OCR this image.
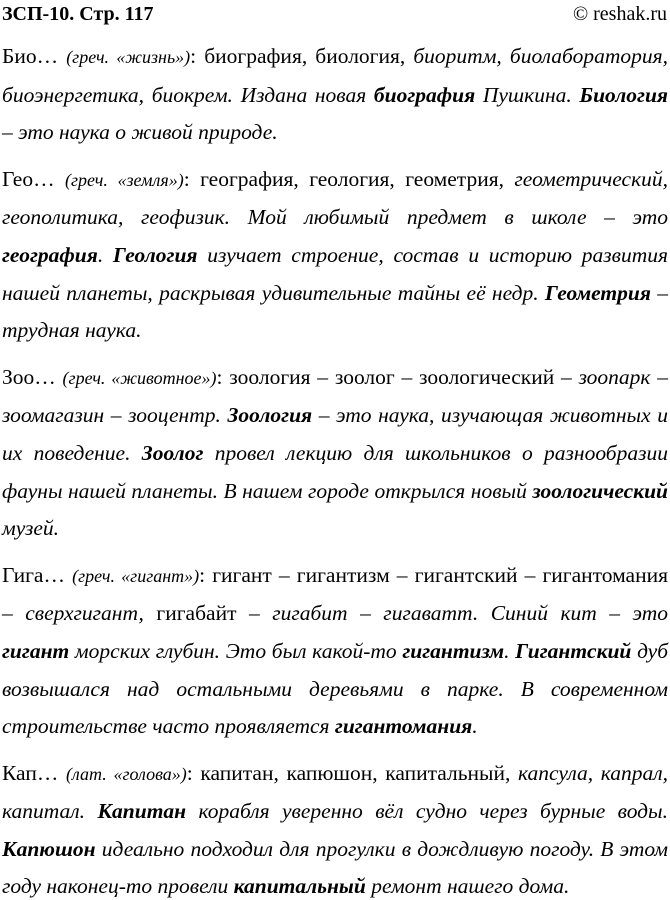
ЗСП-10. Стр. 117	© reshak.ru

Био… (греч. «жизнь»): биография, биология, биоритм, биолаборатория, биоэнергетика, биокрем. Издана новая биография Пушкина. Биология – это наука о живой природе.

Гео… (греч. «земля»): география, геология, геометрия, геометрический, геополитика, геофизик. Мой любимый предмет в школе – это география. Геология изучает строение, состав и историю развития нашей планеты, раскрывая удивительные тайны её недр. Геометрия – трудная наука.

Зоо… (греч. «животное»): зоология – зоолог – зоологический – зоопарк – зоомагазин – зооцентр. Зоология – это наука, изучающая животных и их поведение. Зоолог провел лекцию для школьников о разнообразии фауны нашей планеты. В нашем городе открылся новый зоологический музей.

Гига… (греч. «гигант»): гигант – гигантизм – гигантский – гигантомания – сверхгигант, гигабайт – гигабит – гигаватт. Синий кит – это гигант морских глубин. Это был какой-то гигантизм. Гигантский дуб возвышался над остальными деревьями в парке. В современном строительстве часто проявляется гигантомания.

Кап… (лат. «голова»): капитан, капюшон, капитальный, капсула, капрал, капитал. Капитан корабля уверенно вёл судно через бурные воды. Капюшон идеально подходил для прогулки в дождливую погоду. В этом году наконец-то провели капитальный ремонт нашего дома.
